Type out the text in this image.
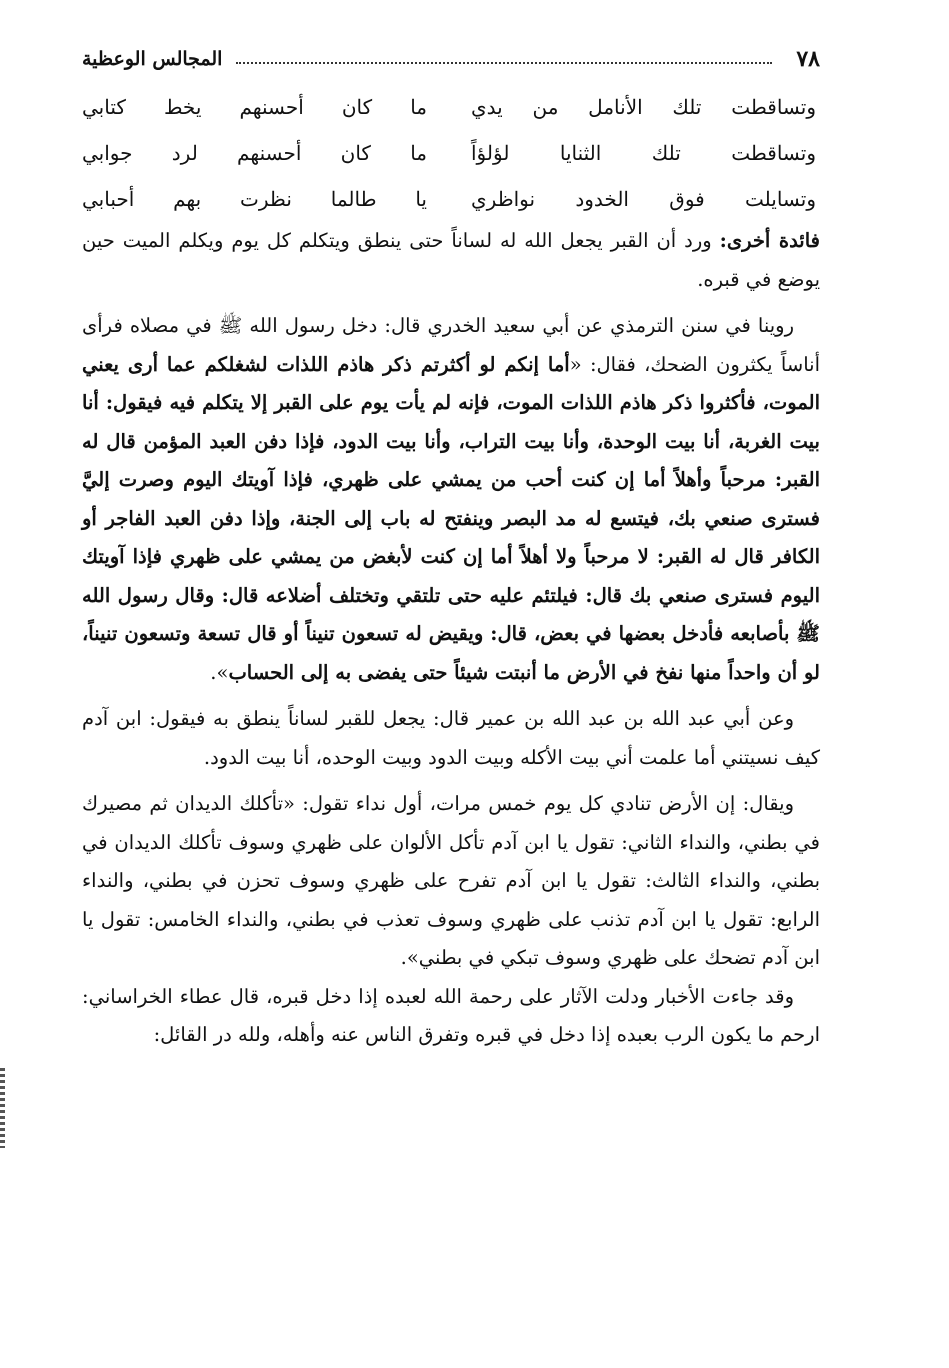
٧٨
المجالس الوعظية
وتساقطت تلك الأنامل من يدي
ما كان أحسنهم يخط كتابي
وتساقطت تلك الثنايا لؤلؤاً
ما كان أحسنهم لرد جوابي
وتسايلت فوق الخدود نواظري
يا طالما نظرت بهم أحبابي

فائدة أخرى: ورد أن القبر يجعل الله له لساناً حتى ينطق ويتكلم كل يوم ويكلم الميت حين يوضع في قبره.

روينا في سنن الترمذي عن أبي سعيد الخدري قال: دخل رسول الله ﷺ في مصلاه فرأى أناساً يكثرون الضحك، فقال: «أما إنكم لو أكثرتم ذكر هاذم اللذات لشغلكم عما أرى يعني الموت، فأكثروا ذكر هاذم اللذات الموت، فإنه لم يأت يوم على القبر إلا يتكلم فيه فيقول: أنا بيت الغربة، أنا بيت الوحدة، وأنا بيت التراب، وأنا بيت الدود، فإذا دفن العبد المؤمن قال له القبر: مرحباً وأهلاً أما إن كنت أحب من يمشي على ظهري، فإذا آويتك اليوم وصرت إليَّ فسترى صنعي بك، فيتسع له مد البصر وينفتح له باب إلى الجنة، وإذا دفن العبد الفاجر أو الكافر قال له القبر: لا مرحباً ولا أهلاً أما إن كنت لأبغض من يمشي على ظهري فإذا آويتك اليوم فسترى صنعي بك قال: فيلتئم عليه حتى تلتقي وتختلف أضلاعه قال: وقال رسول الله ﷺ بأصابعه فأدخل بعضها في بعض، قال: ويقيض له تسعون تنيناً أو قال تسعة وتسعون تنيناً، لو أن واحداً منها نفخ في الأرض ما أنبتت شيئاً حتى يفضى به إلى الحساب».

وعن أبي عبد الله بن عبد الله بن عمير قال: يجعل للقبر لساناً ينطق به فيقول: ابن آدم كيف نسيتني أما علمت أني بيت الأكله وبيت الدود وبيت الوحده، أنا بيت الدود.

ويقال: إن الأرض تنادي كل يوم خمس مرات، أول نداء تقول: «تأكلك الديدان ثم مصيرك في بطني، والنداء الثاني: تقول يا ابن آدم تأكل الألوان على ظهري وسوف تأكلك الديدان في بطني، والنداء الثالث: تقول يا ابن آدم تفرح على ظهري وسوف تحزن في بطني، والنداء الرابع: تقول يا ابن آدم تذنب على ظهري وسوف تعذب في بطني، والنداء الخامس: تقول يا ابن آدم تضحك على ظهري وسوف تبكي في بطني».

وقد جاءت الأخبار ودلت الآثار على رحمة الله لعبده إذا دخل قبره، قال عطاء الخراساني: ارحم ما يكون الرب بعبده إذا دخل في قبره وتفرق الناس عنه وأهله، ولله در القائل:
